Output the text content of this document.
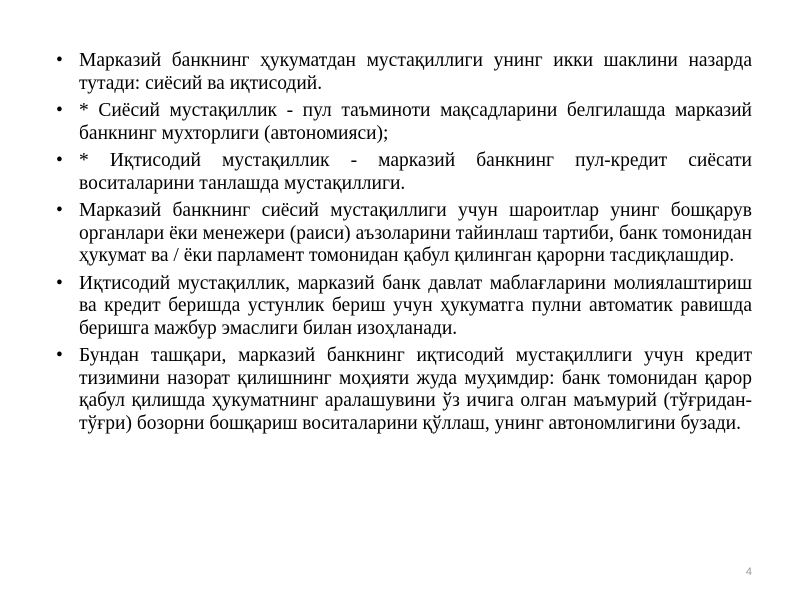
• Марказий банкнинг ҳукуматдан мустақиллиги унинг икки шаклини назарда тутади: сиёсий ва иқтисодий.
• * Сиёсий мустақиллик - пул таъминоти мақсадларини белгилашда марказий банкнинг мухторлиги (автономияси);
• * Иқтисодий мустақиллик - марказий банкнинг пул-кредит сиёсати воситаларини танлашда мустақиллиги.
• Марказий банкнинг сиёсий мустақиллиги учун шароитлар унинг бошқарув органлари ёки менежери (раиси) аъзоларини тайинлаш тартиби, банк томонидан ҳукумат ва / ёки парламент томонидан қабул қилинган қарорни тасдиқлашдир.
• Иқтисодий мустақиллик, марказий банк давлат маблағларини молиялаштириш ва кредит беришда устунлик бериш учун ҳукуматга пулни автоматик равишда беришга мажбур эмаслиги билан изоҳланади.
• Бундан ташқари, марказий банкнинг иқтисодий мустақиллиги учун кредит тизимини назорат қилишнинг моҳияти жуда муҳимдир: банк томонидан қарор қабул қилишда ҳукуматнинг аралашувини ўз ичига олган маъмурий (тўғридан-тўғри) бозорни бошқариш воситаларини қўллаш, унинг автономлигини бузади.
4
